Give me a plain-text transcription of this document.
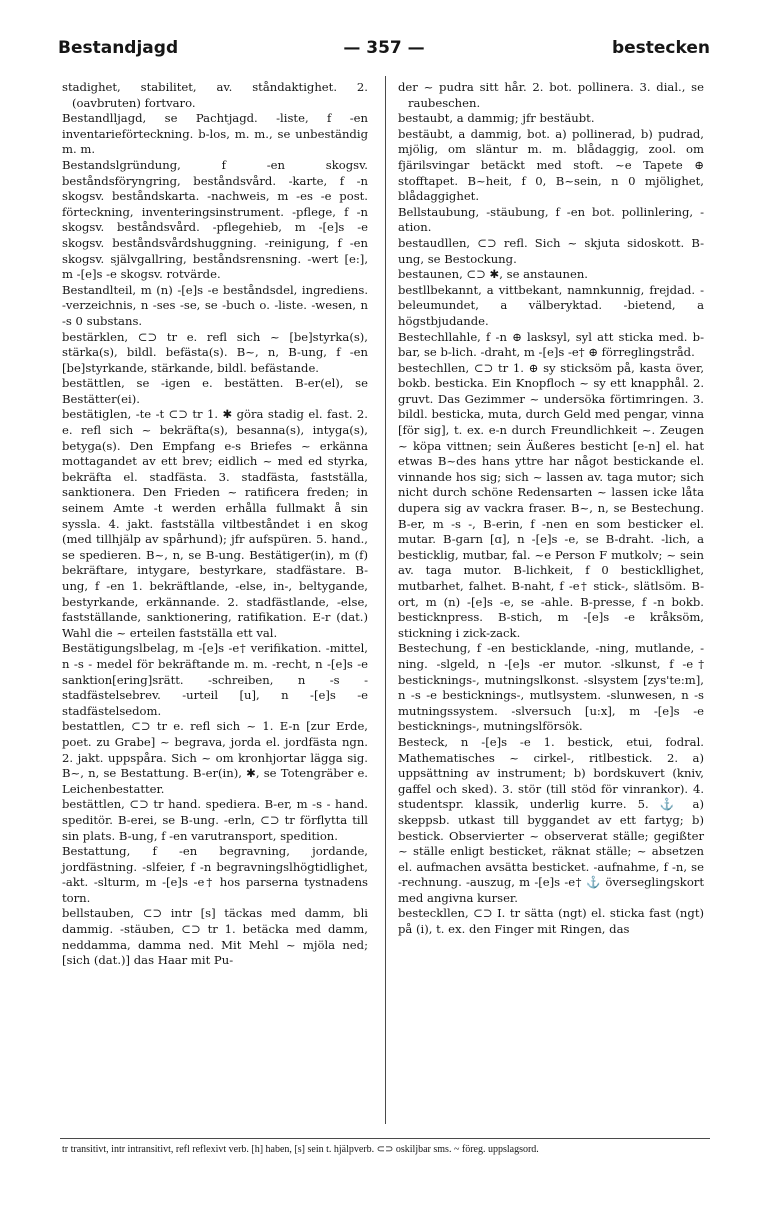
Bestandjagd	— 357 —	bestecken

stadighet, stabilitet, av. ståndaktighet. 2. (oavbruten) fortvaro.

Bestandlljagd, se Pachtjagd. -liste, f -en inventarieförteckning. b-los, m. m., se unbeständig m. m.

Bestandslgründung, f -en skogsv. beståndsföryngring, beståndsvård. -karte, f -n skogsv. beståndskarta. -nachweis, m -es -e post. förteckning, inventeringsinstrument. -pflege, f -n skogsv. beståndsvård. -pflegehieb, m -[e]s -e skogsv. beståndsvårdshuggning. -reinigung, f -en skogsv. självgallring, beståndsrensning. -wert [e:], m -[e]s -e skogsv. rotvärde.

Bestandlteil, m (n) -[e]s -e beståndsdel, ingrediens. -verzeichnis, n -ses -se, se -buch o. -liste. -wesen, n -s 0 substans.

bestärklen, ⊂⊃ tr e. refl sich ~ [be]styrka(s), stärka(s), bildl. befästa(s). B~, n, B-ung, f -en [be]styrkande, stärkande, bildl. befästande.

bestättlen, se -igen e. bestätten. B-er(el), se Bestätter(ei).

bestätiglen, -te -t ⊂⊃ tr 1. ✱ göra stadig el. fast. 2. e. refl sich ~ bekräfta(s), besanna(s), intyga(s), betyga(s). Den Empfang e-s Briefes ~ erkänna mottagandet av ett brev; eidlich ~ med ed styrka, bekräfta el. stadfästa. 3. stadfästa, fastställa, sanktionera. Den Frieden ~ ratificera freden; in seinem Amte -t werden erhålla fullmakt å sin syssla. 4. jakt. fastställa viltbeståndet i en skog (med tillhjälp av spårhund); jfr aufspüren. 5. hand., se spedieren. B~, n, se B-ung. Bestätiger(in), m (f) bekräftare, intygare, bestyrkare, stadfästare. B-ung, f -en 1. bekräftlande, -else, in-, beltygande, bestyrkande, erkännande. 2. stadfästlande, -else, fastställande, sanktionering, ratifikation. E-r (dat.) Wahl die ~ erteilen fastställa ett val.

Bestätigungslbelag, m -[e]s -e† verifikation. -mittel, n -s - medel för bekräftande m. m. -recht, n -[e]s -e sanktion[ering]srätt. -schreiben, n -s - stadfästelsebrev. -urteil [u], n -[e]s -e stadfästelsedom.

bestattlen, ⊂⊃ tr e. refl sich ~ 1. E-n [zur Erde, poet. zu Grabe] ~ begrava, jorda el. jordfästa ngn. 2. jakt. uppspåra. Sich ~ om kronhjortar lägga sig. B~, n, se Bestattung. B-er(in), ✱, se Totengräber e. Leichenbestatter.

bestättlen, ⊂⊃ tr hand. spediera. B-er, m -s - hand. speditör. B-erei, se B-ung. -erln, ⊂⊃ tr förflytta till sin plats. B-ung, f -en varutransport, spedition.

Bestattung, f -en begravning, jordande, jordfästning. -slfeier, f -n begravningslhögtidlighet, -akt. -slturm, m -[e]s -e† hos parserna tystnadens torn.

bellstauben, ⊂⊃ intr [s] täckas med damm, bli dammig. -stäuben, ⊂⊃ tr 1. betäcka med damm, neddamma, damma ned. Mit Mehl ~ mjöla ned; [sich (dat.)] das Haar mit Pu-

der ~ pudra sitt hår. 2. bot. pollinera. 3. dial., se raubeschen.

bestaubt, a dammig; jfr bestäubt.

bestäubt, a dammig, bot. a) pollinerad, b) pudrad, mjölig, om släntur m. m. blådaggig, zool. om fjärilsvingar betäckt med stoft. ~e Tapete ⊕ stofftapet. B~heit, f 0, B~sein, n 0 mjölighet, blådaggighet.

Bellstaubung, -stäubung, f -en bot. pollinlering, -ation.

bestaudllen, ⊂⊃ refl. Sich ~ skjuta sidoskott. B-ung, se Bestockung.

bestaunen, ⊂⊃ ✱, se anstaunen.

bestllbekannt, a vittbekant, namnkunnig, frejdad. -beleumundet, a välberyktad. -bietend, a högstbjudande.

Bestechllahle, f -n ⊕ lasksyl, syl att sticka med. b-bar, se b-lich. -draht, m -[e]s -e† ⊕ förreglingstråd.

bestechllen, ⊂⊃ tr 1. ⊕ sy sticksöm på, kasta över, bokb. besticka. Ein Knopfloch ~ sy ett knapphål. 2. gruvt. Das Gezimmer ~ undersöka förtimringen. 3. bildl. besticka, muta, durch Geld med pengar, vinna [för sig], t. ex. e-n durch Freundlichkeit ~. Zeugen ~ köpa vittnen; sein Äußeres besticht [e-n] el. hat etwas B~des hans yttre har något bestickande el. vinnande hos sig; sich ~ lassen av. taga mutor; sich nicht durch schöne Redensarten ~ lassen icke låta dupera sig av vackra fraser. B~, n, se Bestechung. B-er, m -s -, B-erin, f -nen en som besticker el. mutar. B-garn [ɑ], n -[e]s -e, se B-draht. -lich, a besticklig, mutbar, fal. ~e Person F mutkolv; ~ sein av. taga mutor. B-lichkeit, f 0 bestickllighet, mutbarhet, falhet. B-naht, f -e† stick-, slätlsöm. B-ort, m (n) -[e]s -e, se -ahle. B-presse, f -n bokb. besticknpress. B-stich, m -[e]s -e kråksöm, stickning i zick-zack.

Bestechung, f -en besticklande, -ning, mutlande, -ning. -slgeld, n -[e]s -er mutor. -slkunst, f -e† besticknings-, mutningslkonst. -slsystem [zys'te:m], n -s -e besticknings-, mutlsystem. -slunwesen, n -s mutningssystem. -slversuch [u:x], m -[e]s -e besticknings-, mutningslförsök.

Besteck, n -[e]s -e 1. bestick, etui, fodral. Mathematisches ~ cirkel-, ritlbestick. 2. a) uppsättning av instrument; b) bordskuvert (kniv, gaffel och sked). 3. stör (till stöd för vinrankor). 4. studentspr. klassik, underlig kurre. 5. ⚓ a) skeppsb. utkast till byggandet av ett fartyg; b) bestick. Observierter ~ observerat ställe; gegißter ~ ställe enligt besticket, räknat ställe; ~ absetzen el. aufmachen avsätta besticket. -aufnahme, f -n, se -rechnung. -auszug, m -[e]s -e† ⚓ överseglingskort med angivna kurser.

besteckllen, ⊂⊃ I. tr sätta (ngt) el. sticka fast (ngt) på (i), t. ex. den Finger mit Ringen, das

tr transitivt, intr intransitivt, refl reflexivt verb. [h] haben, [s] sein t. hjälpverb. ⊂⊃ oskiljbar sms. ~ föreg. uppslagsord.
